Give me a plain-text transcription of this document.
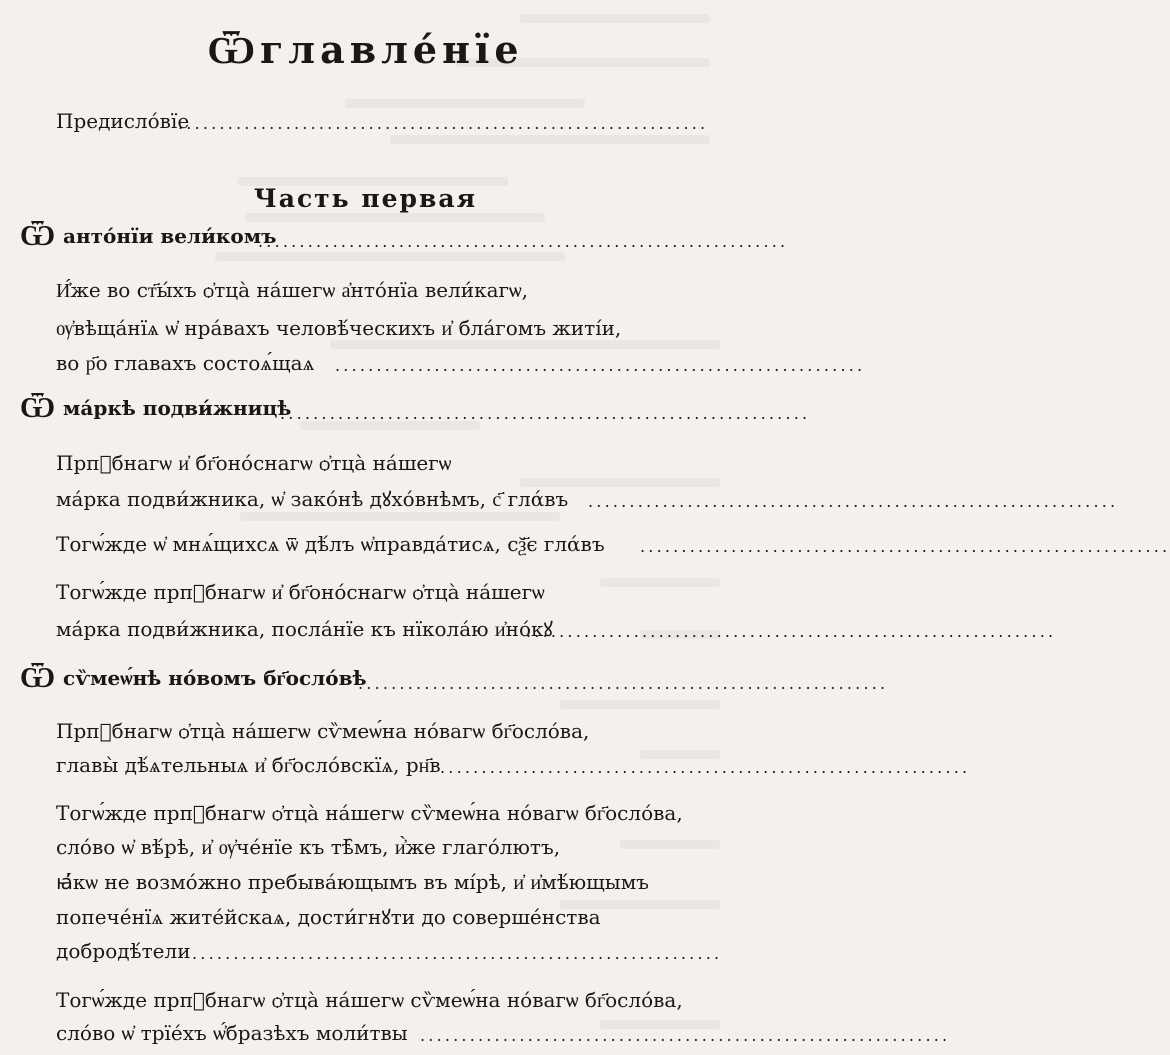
Ѿглавле́нїе
Предисло́вїе
................................................................
Часть первая
Ѿ анто́нїи вели́комъ
................................................................
И҆́же во ст҃ы́хъ ѻ҆тца̀ на́шегѡ а҆нто́нїа вели́кагѡ,
ѹ҆вѣща́нїѧ ѡ҆ нра́вахъ человѣ́ческихъ и҆ бла́гомъ житі́и,
во р҃о главахъ состоѧ́щаѧ ................................................................
Ѿ ма́ркѣ подви́жницѣ
................................................................
Прпⷣбнагѡ и҆ бг҃оно́снагѡ ѻ҆тца̀ на́шегѡ
ма́рка подви́жника, ѡ҆ зако́нѣ дꙋхо́внѣмъ, с҃ глάвъ ................................................................
Тогѡ́жде ѡ҆ мнѧ́щихсѧ ѿ дѣ́лъ ѡ҆правда́тисѧ, сѯ҃є глάвъ ................................................................
Тогѡ́жде прпⷣбнагѡ и҆ бг҃оно́снагѡ ѻ҆тца̀ на́шегѡ
ма́рка подви́жника, посла́нїе къ нїкола́ю и҆но́кꙋ
................................................................
Ѿ сѷмеѡ́нѣ но́вомъ бг҃осло́вѣ
................................................................
Прпⷣбнагѡ ѻ҆тца̀ на́шегѡ сѷмеѡ́на но́вагѡ бг҃осло́ва,
главы̀ дѣ́ѧтельныѧ и҆ бг҃осло́вскїѧ, рн҃в ................................................................
Тогѡ́жде прпⷣбнагѡ ѻ҆тца̀ на́шегѡ сѷмеѡ́на но́вагѡ бг҃осло́ва,
сло́во ѡ҆ вѣ́рѣ, и҆ ѹ҆че́нїе къ тѣ̑мъ, и҆̀же глаго́лютъ,
ꙗ҆́кѡ не возмо́жно пребыва́ющымъ въ мі́рѣ, и҆ и҆мѣ́ющымъ
попече́нїѧ жите́йскаѧ, дости́гнꙋти до соверше́нства
добродѣ́тели ................................................................
Тогѡ́жде прпⷣбнагѡ ѻ҆тца̀ на́шегѡ сѷмеѡ́на но́вагѡ бг҃осло́ва,
сло́во ѡ҆ трїе́хъ ѡ҆́бразѣхъ моли́твы ................................................................
